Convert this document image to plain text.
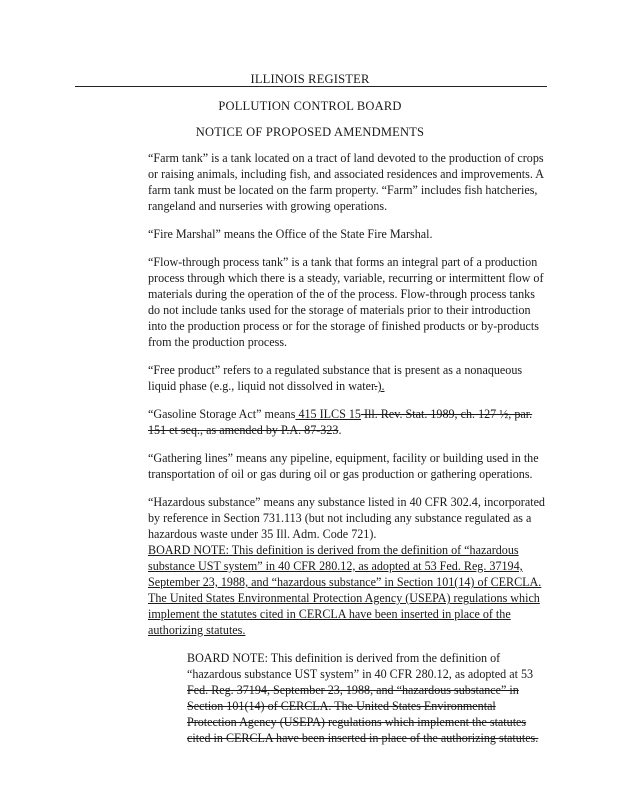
ILLINOIS REGISTER
POLLUTION CONTROL BOARD
NOTICE OF PROPOSED AMENDMENTS

“Farm tank” is a tank located on a tract of land devoted to the production of crops or raising animals, including fish, and associated residences and improvements. A farm tank must be located on the farm property. “Farm” includes fish hatcheries, rangeland and nurseries with growing operations.

“Fire Marshal” means the Office of the State Fire Marshal.

“Flow-through process tank” is a tank that forms an integral part of a production process through which there is a steady, variable, recurring or intermittent flow of materials during the operation of the of the process. Flow-through process tanks do not include tanks used for the storage of materials prior to their introduction into the production process or for the storage of finished products or by-products from the production process.

“Free product” refers to a regulated substance that is present as a nonaqueous liquid phase (e.g., liquid not dissolved in water.).

“Gasoline Storage Act” means 415 ILCS 15 Ill. Rev. Stat. 1989, ch. 127 ½, par. 151 et seq., as amended by P.A. 87-323.

“Gathering lines” means any pipeline, equipment, facility or building used in the transportation of oil or gas during oil or gas production or gathering operations.

“Hazardous substance” means any substance listed in 40 CFR 302.4, incorporated by reference in Section 731.113 (but not including any substance regulated as a hazardous waste under 35 Ill. Adm. Code 721).

BOARD NOTE: This definition is derived from the definition of “hazardous substance UST system” in 40 CFR 280.12, as adopted at 53 Fed. Reg. 37194, September 23, 1988, and “hazardous substance” in Section 101(14) of CERCLA. The United States Environmental Protection Agency (USEPA) regulations which implement the statutes cited in CERCLA have been inserted in place of the authorizing statutes.

BOARD NOTE: This definition is derived from the definition of “hazardous substance UST system” in 40 CFR 280.12, as adopted at 53 Fed. Reg. 37194, September 23, 1988, and “hazardous substance” in Section 101(14) of CERCLA. The United States Environmental Protection Agency (USEPA) regulations which implement the statutes cited in CERCLA have been inserted in place of the authorizing statutes.
